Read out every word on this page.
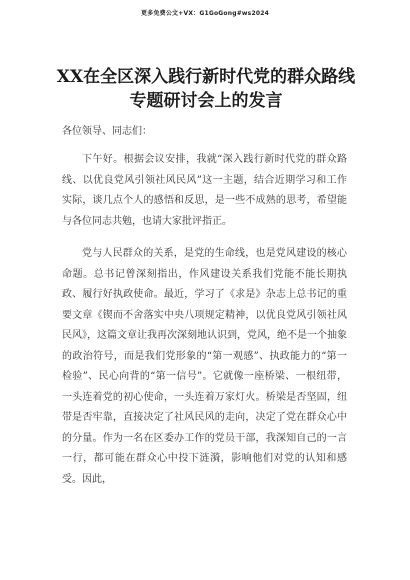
更多免费公文+VX：G1GoGong#ws2024
XX在全区深入践行新时代党的群众路线专题研讨会上的发言
各位领导、同志们：
下午好。根据会议安排，我就“深入践行新时代党的群众路线、以优良党风引领社风民风”这一主题，结合近期学习和工作实际，谈几点个人的感悟和反思，是一些不成熟的思考，希望能与各位同志共勉，也请大家批评指正。
党与人民群众的关系，是党的生命线，也是党风建设的核心命题。总书记曾深刻指出，作风建设关系我们党能不能长期执政、履行好执政使命。最近，学习了《求是》杂志上总书记的重要文章《锲而不舍落实中央八项规定精神，以优良党风引领社风民风》，这篇文章让我再次深刻地认识到，党风，绝不是一个抽象的政治符号，而是我们党形象的“第一观感”、执政能力的“第一检验”、民心向背的“第一信号”。它就像一座桥梁、一根纽带，一头连着党的初心使命，一头连着万家灯火。桥梁是否坚固，纽带是否牢靠，直接决定了社风民风的走向，决定了党在群众心中的分量。作为一名在区委办工作的党员干部，我深知自己的一言一行，都可能在群众心中投下涟漪，影响他们对党的认知和感受。因此，
